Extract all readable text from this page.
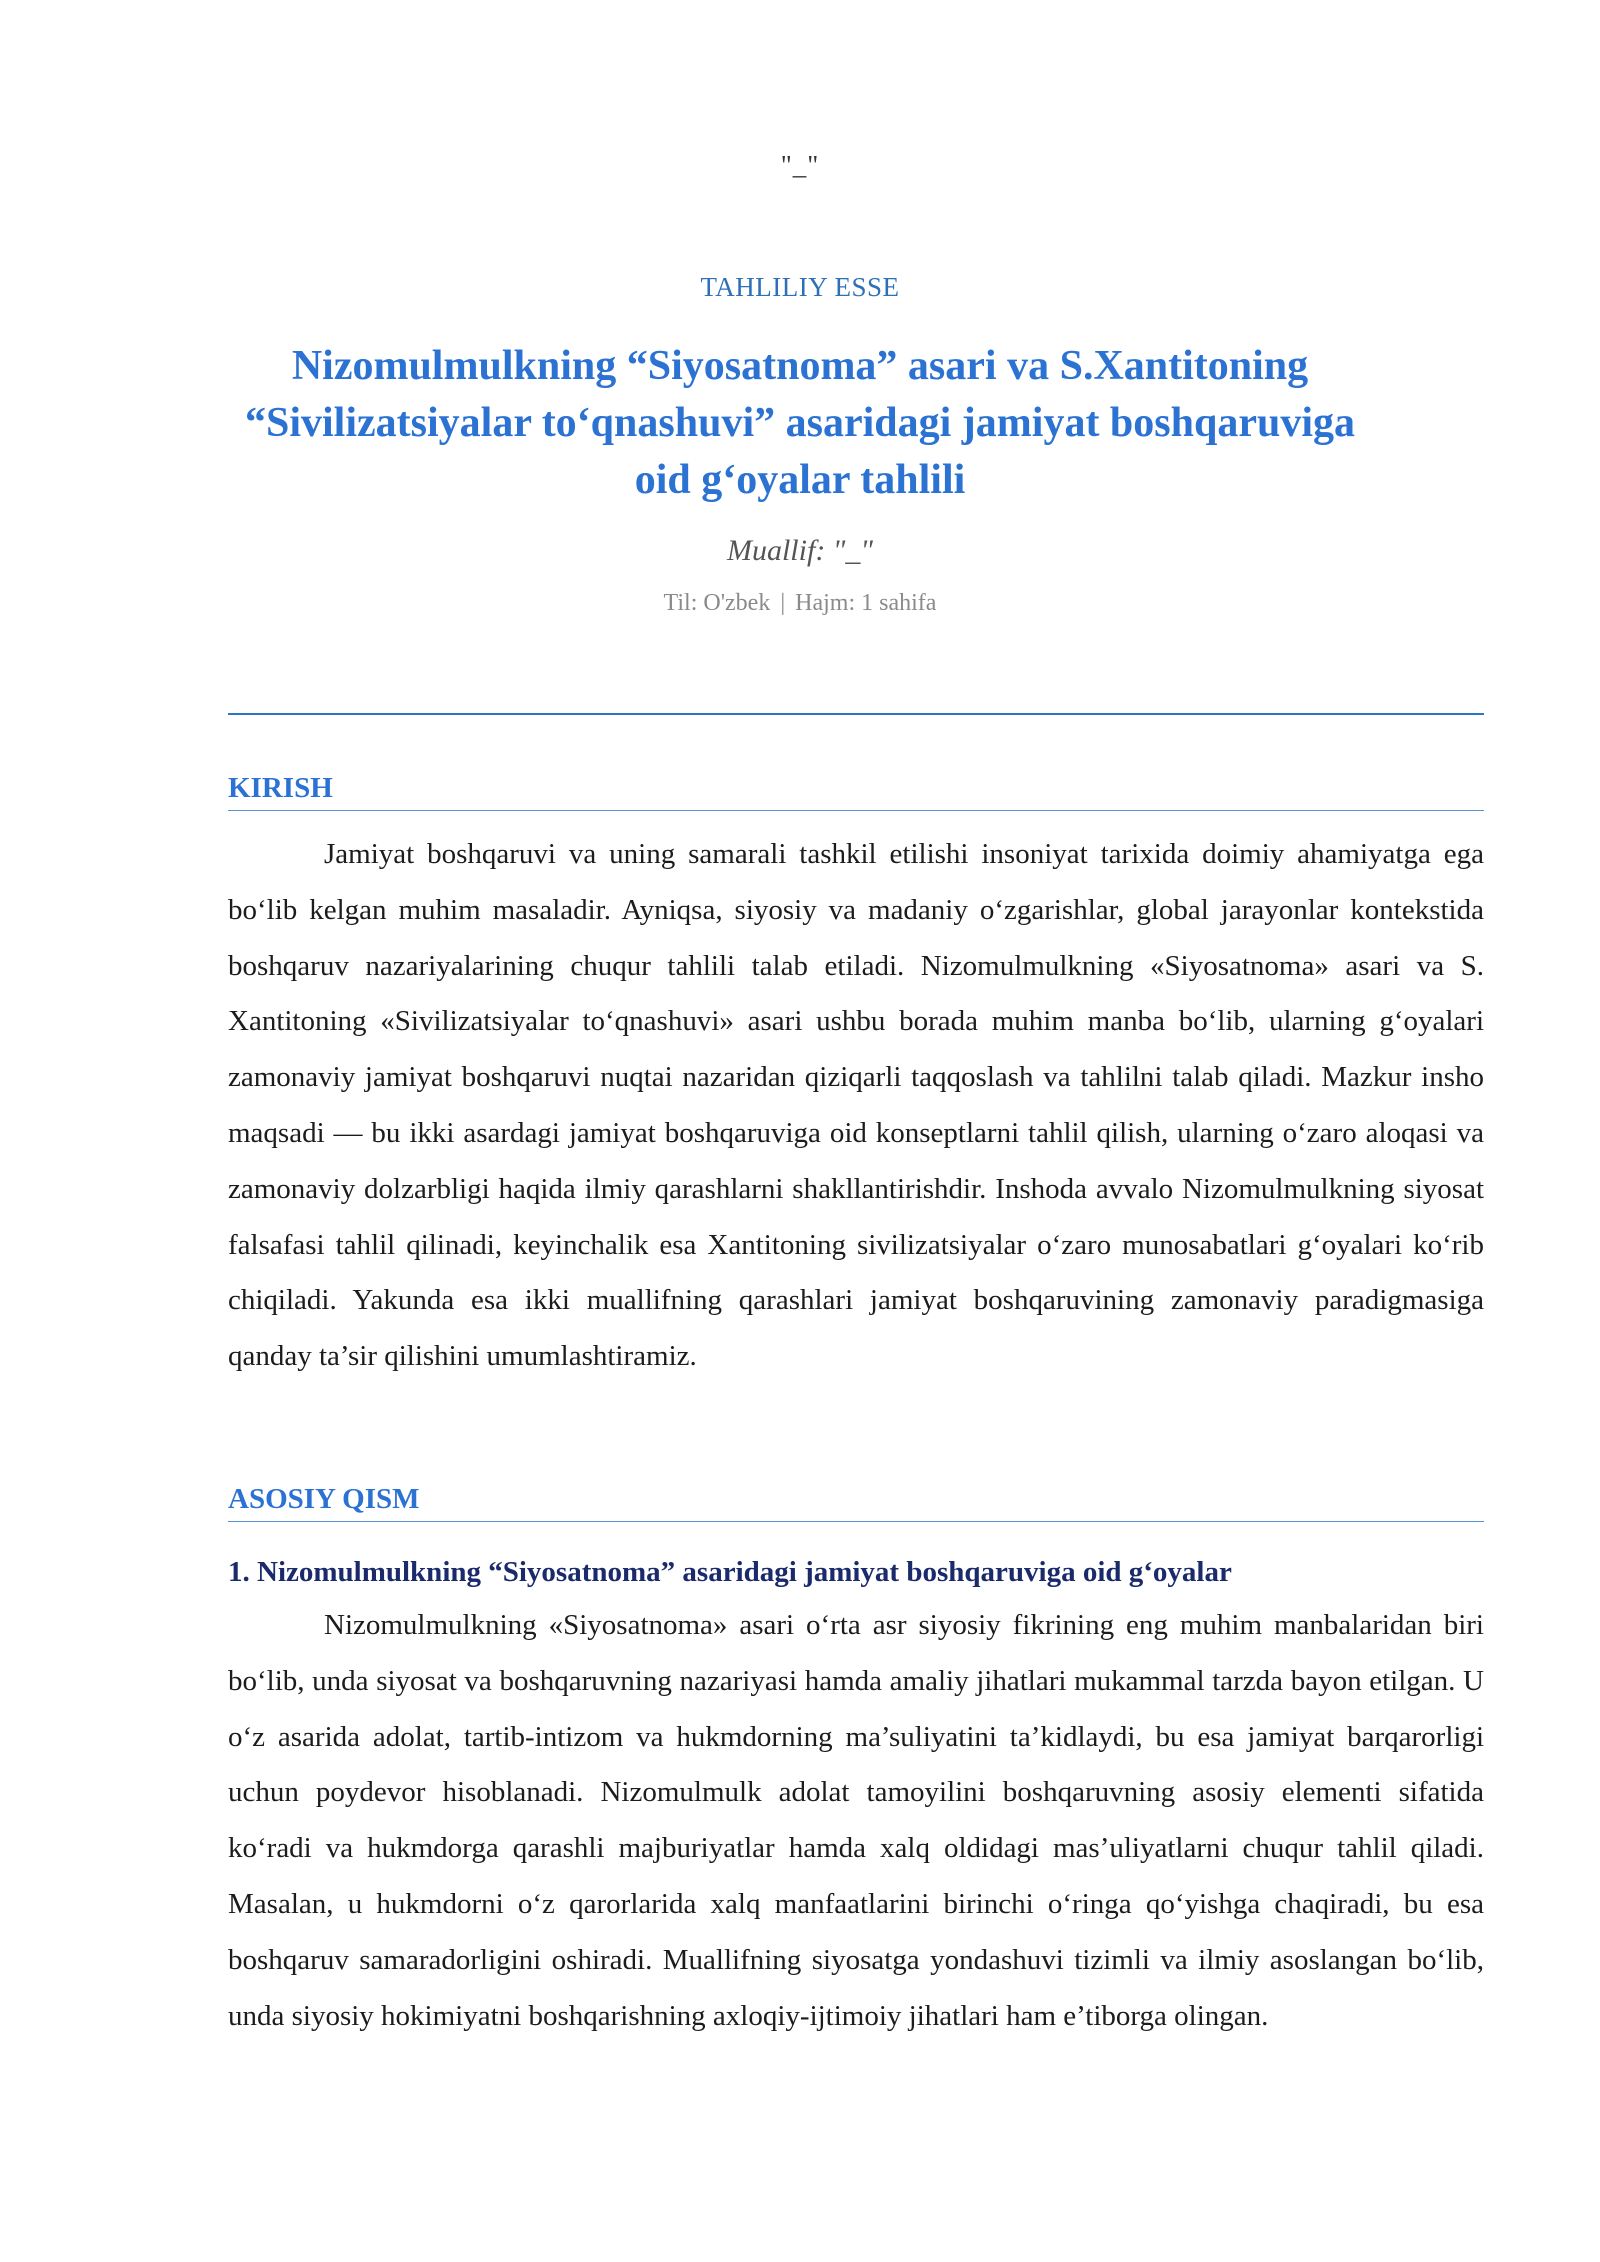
"_"
TAHLILIY ESSE
Nizomulmulkning “Siyosatnoma” asari va S.Xantitoning “Sivilizatsiyalar to‘qnashuvi” asaridagi jamiyat boshqaruviga oid g‘oyalar tahlili
Muallif: "_"
Til: O'zbek | Hajm: 1 sahifa
KIRISH

Jamiyat boshqaruvi va uning samarali tashkil etilishi insoniyat tarixida doimiy ahamiyatga ega bo‘lib kelgan muhim masaladir. Ayniqsa, siyosiy va madaniy o‘zgarishlar, global jarayonlar kontekstida boshqaruv nazariyalarining chuqur tahlili talab etiladi. Nizomulmulkning «Siyosatnoma» asari va S. Xantitoning «Sivilizatsiyalar to‘qnashuvi» asari ushbu borada muhim manba bo‘lib, ularning g‘oyalari zamonaviy jamiyat boshqaruvi nuqtai nazaridan qiziqarli taqqoslash va tahlilni talab qiladi. Mazkur insho maqsadi — bu ikki asardagi jamiyat boshqaruviga oid konseptlarni tahlil qilish, ularning o‘zaro aloqasi va zamonaviy dolzarbligi haqida ilmiy qarashlarni shakllantirishdir. Inshoda avvalo Nizomulmulkning siyosat falsafasi tahlil qilinadi, keyinchalik esa Xantitoning sivilizatsiyalar o‘zaro munosabatlari g‘oyalari ko‘rib chiqiladi. Yakunda esa ikki muallifning qarashlari jamiyat boshqaruvining zamonaviy paradigmasiga qanday ta’sir qilishini umumlashtiramiz.

ASOSIY QISM
1. Nizomulmulkning “Siyosatnoma” asaridagi jamiyat boshqaruviga oid g‘oyalar

Nizomulmulkning «Siyosatnoma» asari o‘rta asr siyosiy fikrining eng muhim manbalaridan biri bo‘lib, unda siyosat va boshqaruvning nazariyasi hamda amaliy jihatlari mukammal tarzda bayon etilgan. U o‘z asarida adolat, tartib-intizom va hukmdorning ma’suliyatini ta’kidlaydi, bu esa jamiyat barqarorligi uchun poydevor hisoblanadi. Nizomulmulk adolat tamoyilini boshqaruvning asosiy elementi sifatida ko‘radi va hukmdorga qarashli majburiyatlar hamda xalq oldidagi mas’uliyatlarni chuqur tahlil qiladi. Masalan, u hukmdorni o‘z qarorlarida xalq manfaatlarini birinchi o‘ringa qo‘yishga chaqiradi, bu esa boshqaruv samaradorligini oshiradi. Muallifning siyosatga yondashuvi tizimli va ilmiy asoslangan bo‘lib, unda siyosiy hokimiyatni boshqarishning axloqiy-ijtimoiy jihatlari ham e’tiborga olingan.
